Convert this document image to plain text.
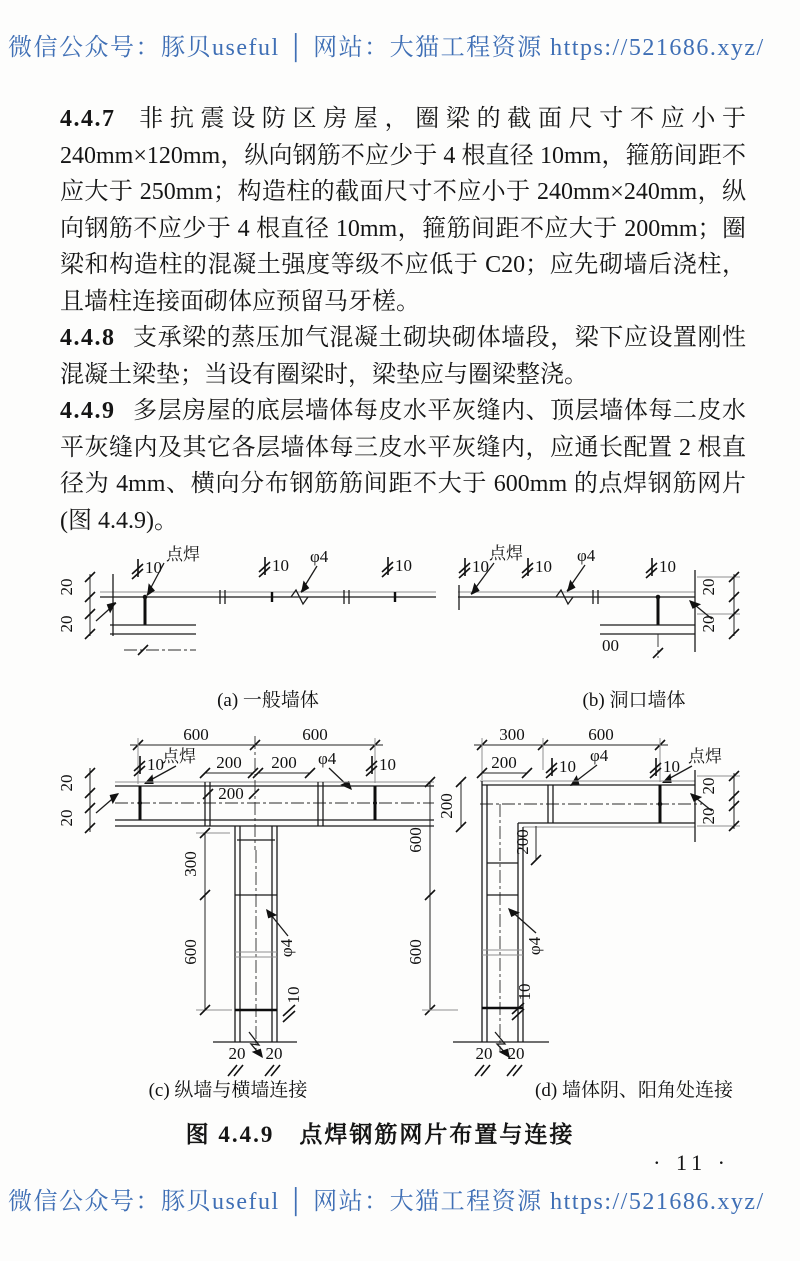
微信公众号：豚贝useful │ 网站：大猫工程资源 https://521686.xyz/

4.4.7 非抗震设防区房屋，圈梁的截面尺寸不应小于 240mm×120mm，纵向钢筋不应少于 4 根直径 10mm，箍筋间距不应大于 250mm；构造柱的截面尺寸不应小于 240mm×240mm，纵向钢筋不应少于 4 根直径 10mm，箍筋间距不应大于 200mm；圈梁和构造柱的混凝土强度等级不应低于 C20；应先砌墙后浇柱，且墙柱连接面砌体应预留马牙槎。

4.4.8 支承梁的蒸压加气混凝土砌块砌体墙段，梁下应设置刚性混凝土梁垫；当设有圈梁时，梁垫应与圈梁整浇。

4.4.9 多层房屋的底层墙体每皮水平灰缝内、顶层墙体每二皮水平灰缝内及其它各层墙体每三皮水平灰缝内，应通长配置 2 根直径为 4mm、横向分布钢筋筋间距不大于 600mm 的点焊钢筋网片(图 4.4.9)。

10
点焊
10 φ4	10
20
20
(a) 一般墙体
10
点焊
10
φ4
10
00
20
20
(b) 洞口墙体
600	600
10
点焊 200 200 φ4	10
20
20
200
300
600	φ4
10
20 20
(c) 纵墙与横墙连接
300	600
200 10
φ4
10
点焊
20
20
200
600
600
200
φ4
10
20 20
(d) 墙体阴、阳角处连接
图 4.4.9　点焊钢筋网片布置与连接
· 11 ·
微信公众号：豚贝useful │ 网站：大猫工程资源 https://521686.xyz/
